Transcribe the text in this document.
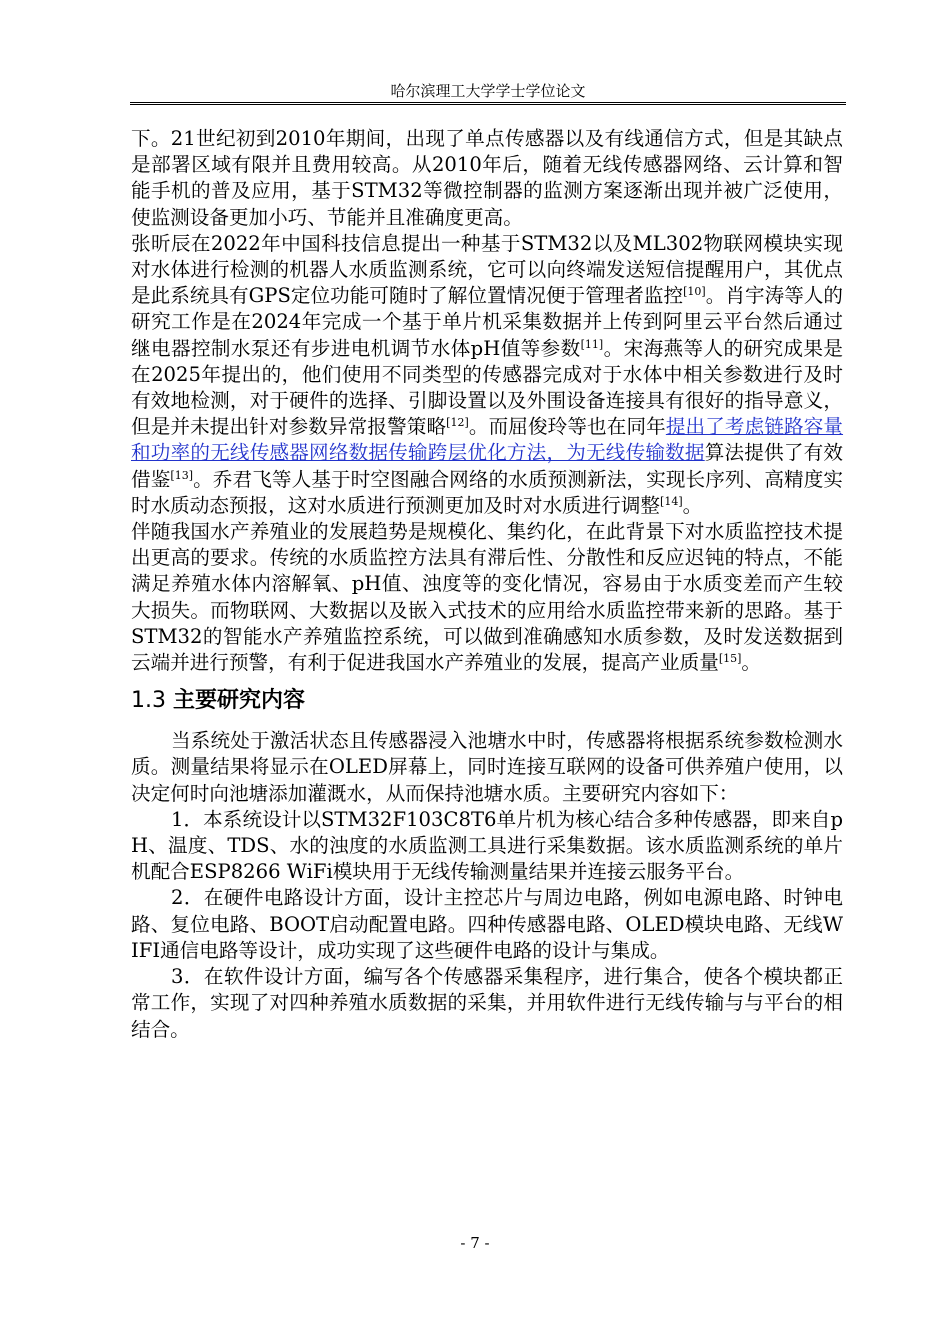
哈尔滨理工大学学士学位论文

下。21世纪初到2010年期间，出现了单点传感器以及有线通信方式，但是其缺点是部署区域有限并且费用较高。从2010年后，随着无线传感器网络、云计算和智能手机的普及应用，基于STM32等微控制器的监测方案逐渐出现并被广泛使用，使监测设备更加小巧、节能并且准确度更高。

张昕辰在2022年中国科技信息提出一种基于STM32以及ML302物联网模块实现对水体进行检测的机器人水质监测系统，它可以向终端发送短信提醒用户，其优点是此系统具有GPS定位功能可随时了解位置情况便于管理者监控[10]。肖宇涛等人的研究工作是在2024年完成一个基于单片机采集数据并上传到阿里云平台然后通过继电器控制水泵还有步进电机调节水体pH值等参数[11]。宋海燕等人的研究成果是在2025年提出的，他们使用不同类型的传感器完成对于水体中相关参数进行及时有效地检测，对于硬件的选择、引脚设置以及外围设备连接具有很好的指导意义，但是并未提出针对参数异常报警策略[12]。而屈俊玲等也在同年提出了考虑链路容量和功率的无线传感器网络数据传输跨层优化方法，为无线传输数据算法提供了有效借鉴[13]。乔君飞等人基于时空图融合网络的水质预测新法，实现长序列、高精度实时水质动态预报，这对水质进行预测更加及时对水质进行调整[14]。

伴随我国水产养殖业的发展趋势是规模化、集约化，在此背景下对水质监控技术提出更高的要求。传统的水质监控方法具有滞后性、分散性和反应迟钝的特点，不能满足养殖水体内溶解氧、pH值、浊度等的变化情况，容易由于水质变差而产生较大损失。而物联网、大数据以及嵌入式技术的应用给水质监控带来新的思路。基于STM32的智能水产养殖监控系统，可以做到准确感知水质参数，及时发送数据到云端并进行预警，有利于促进我国水产养殖业的发展，提高产业质量[15]。

1.3 主要研究内容

当系统处于激活状态且传感器浸入池塘水中时，传感器将根据系统参数检测水质。测量结果将显示在OLED屏幕上，同时连接互联网的设备可供养殖户使用，以决定何时向池塘添加灌溉水，从而保持池塘水质。主要研究内容如下：

1．本系统设计以STM32F103C8T6单片机为核心结合多种传感器，即来自pH、温度、TDS、水的浊度的水质监测工具进行采集数据。该水质监测系统的单片机配合ESP8266 WiFi模块用于无线传输测量结果并连接云服务平台。

2．在硬件电路设计方面，设计主控芯片与周边电路，例如电源电路、时钟电路、复位电路、BOOT启动配置电路。四种传感器电路、OLED模块电路、无线WIFI通信电路等设计，成功实现了这些硬件电路的设计与集成。

3．在软件设计方面，编写各个传感器采集程序，进行集合，使各个模块都正常工作，实现了对四种养殖水质数据的采集，并用软件进行无线传输与与平台的相结合。

- 7 -
